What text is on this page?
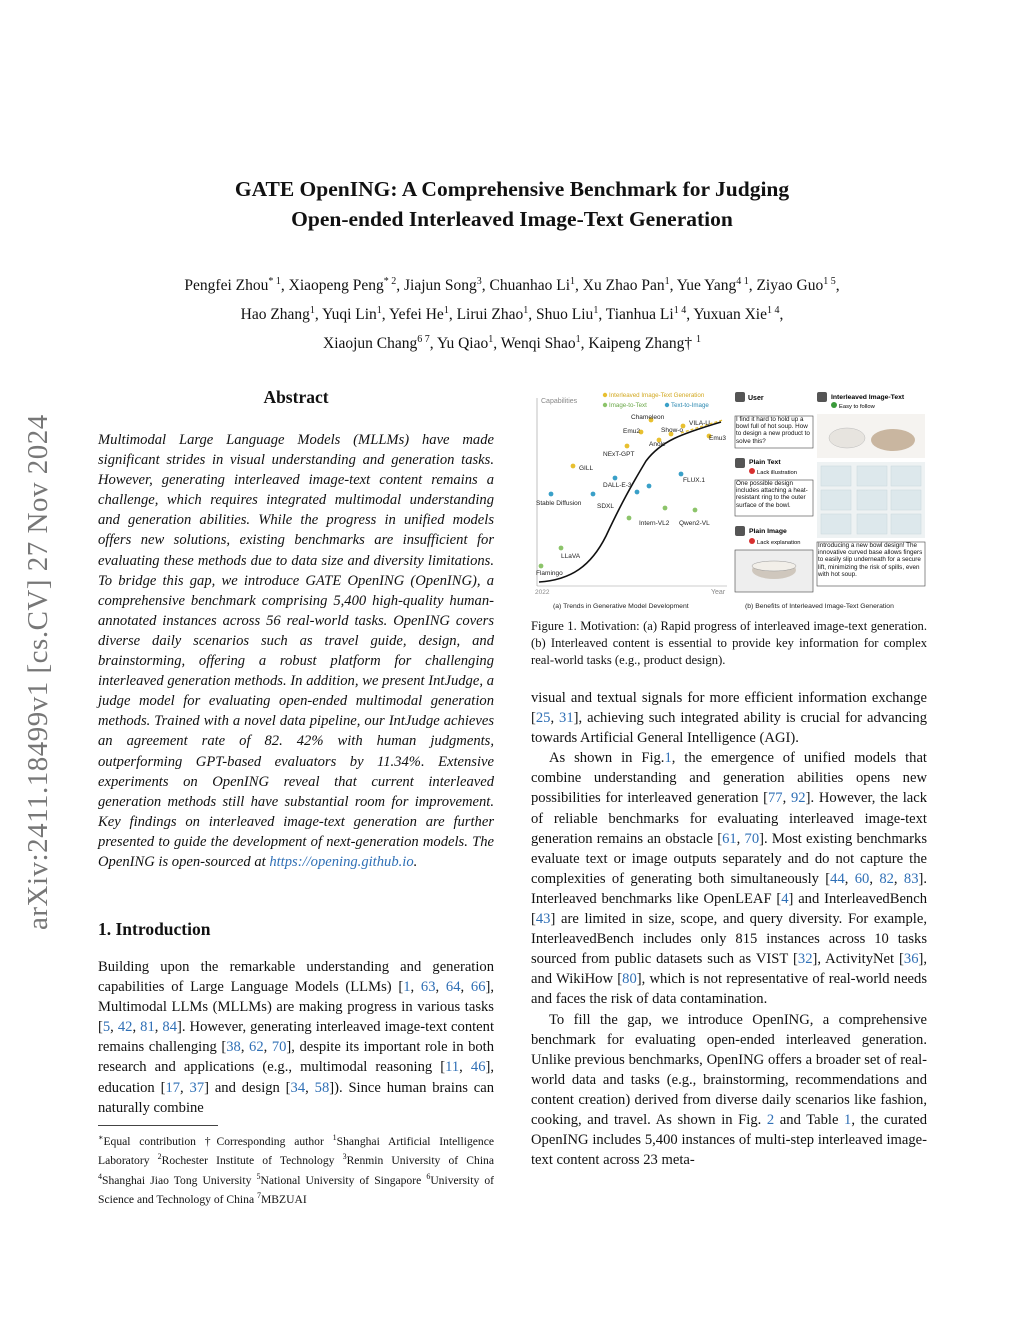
arXiv:2411.18499v1 [cs.CV] 27 Nov 2024
GATE OpenING: A Comprehensive Benchmark for Judging
Open-ended Interleaved Image-Text Generation
Pengfei Zhou$^{* 1}$, Xiaopeng Peng$^{* 2}$, Jiajun Song$^3$, Chuanhao Li$^1$, Xu Zhao Pan$^1$, Yue Yang$^{4 1}$, Ziyao Guo$^{1 5}$,
Hao Zhang$^1$, Yuqi Lin$^1$, Yefei He$^1$, Lirui Zhao$^1$, Shuo Liu$^1$, Tianhua $Li^{1 4}$, Yuxuan Xie$^{1 4}$,
Xiaojun Chang$^{6 7}$, Yu Qiao$^1$, Wenqi Shao$^1$, Kaipeng Zhang† $^1$
Abstract
Multimodal Large Language Models (MLLMs) have made significant strides in visual understanding and generation tasks. However, generating interleaved image-text content remains a challenge, which requires integrated multimodal understanding and generation abilities. While the progress in unified models offers new solutions, existing benchmarks are insufficient for evaluating these methods due to data size and diversity limitations. To bridge this gap, we introduce GATE OpenING (OpenING), a comprehensive benchmark comprising 5,400 high-quality human-annotated instances across 56 real-world tasks. OpenING covers diverse daily scenarios such as travel guide, design, and brainstorming, offering a robust platform for challenging interleaved generation methods. In addition, we present IntJudge, a judge model for evaluating open-ended multimodal generation methods. Trained with a novel data pipeline, our IntJudge achieves an agreement rate of 82. 42% with human judgments, outperforming GPT-based evaluators by 11.34%. Extensive experiments on OpenING reveal that current interleaved generation methods still have substantial room for improvement. Key findings on interleaved image-text generation are further presented to guide the development of next-generation models. The OpenING is open-sourced at https://opening.github.io.
1. Introduction
Building upon the remarkable understanding and generation capabilities of Large Language Models (LLMs) [1, 63, 64, 66], Multimodal LLMs (MLLMs) are making progress in various tasks [5, 42, 81, 84]. However, generating interleaved image-text content remains challenging [38, 62, 70], despite its important role in both research and applications (e.g., multimodal reasoning [11, 46], education [17, 37] and design [34, 58]). Since human brains can naturally combine
∗Equal contribution †Corresponding author $^1$Shanghai Artificial Intelligence Laboratory $^2$Rochester Institute of Technology $^3$Renmin University of China $^4$Shanghai Jiao Tong University $^5$National University of Singapore $^6$University of Science and Technology of China $^7$MBZUAI
Capabilities
Year
2022
Interleaved Image-Text Generation
Image-to-Text	Text-to-Image
Chameleon
VILA-U
Emu2	Show-o
Emu3
Anole
NExT-GPT
GILL
DALL-E-3
FLUX.1
Stable Diffusion SDXL
Intern-VL2 Qwen2-VL
LLaVA
Flamingo
(a) Trends in Generative Model Development
User
I find it hard to hold up a bowl full of hot soup. How to design a new product to solve this?
Plain Text
Lack illustration
One possible design includes attaching a heat-resistant ring to the outer surface of the bowl.
Plain Image
Lack explanation
Interleaved Image-Text
Easy to follow
Introducing a new bowl design! The innovative curved base allows fingers to easily slip underneath for a secure lift, minimizing the risk of spills, even with hot soup.
(b) Benefits of Interleaved Image-Text Generation
Figure 1. Motivation: (a) Rapid progress of interleaved image-text generation. (b) Interleaved content is essential to provide key information for complex real-world tasks (e.g., product design).

visual and textual signals for more efficient information exchange [25, 31], achieving such integrated ability is crucial for advancing towards Artificial General Intelligence (AGI).

As shown in Fig.1, the emergence of unified models that combine understanding and generation abilities opens new possibilities for interleaved generation [77, 92]. However, the lack of reliable benchmarks for evaluating interleaved image-text generation remains an obstacle [61, 70]. Most existing benchmarks evaluate text or image outputs separately and do not capture the complexities of generating both simultaneously [44, 60, 82, 83]. Interleaved benchmarks like OpenLEAF [4] and InterleavedBench [43] are limited in size, scope, and query diversity. For example, InterleavedBench includes only 815 instances across 10 tasks sourced from public datasets such as VIST [32], ActivityNet [36], and WikiHow [80], which is not representative of real-world needs and faces the risk of data contamination.

To fill the gap, we introduce OpenING, a comprehensive benchmark for evaluating open-ended interleaved generation. Unlike previous benchmarks, OpenING offers a broader set of real-world data and tasks (e.g., brainstorming, recommendations and content creation) derived from diverse daily scenarios like fashion, cooking, and travel. As shown in Fig. 2 and Table 1, the curated OpenING includes 5,400 instances of multi-step interleaved image-text content across 23 meta-
